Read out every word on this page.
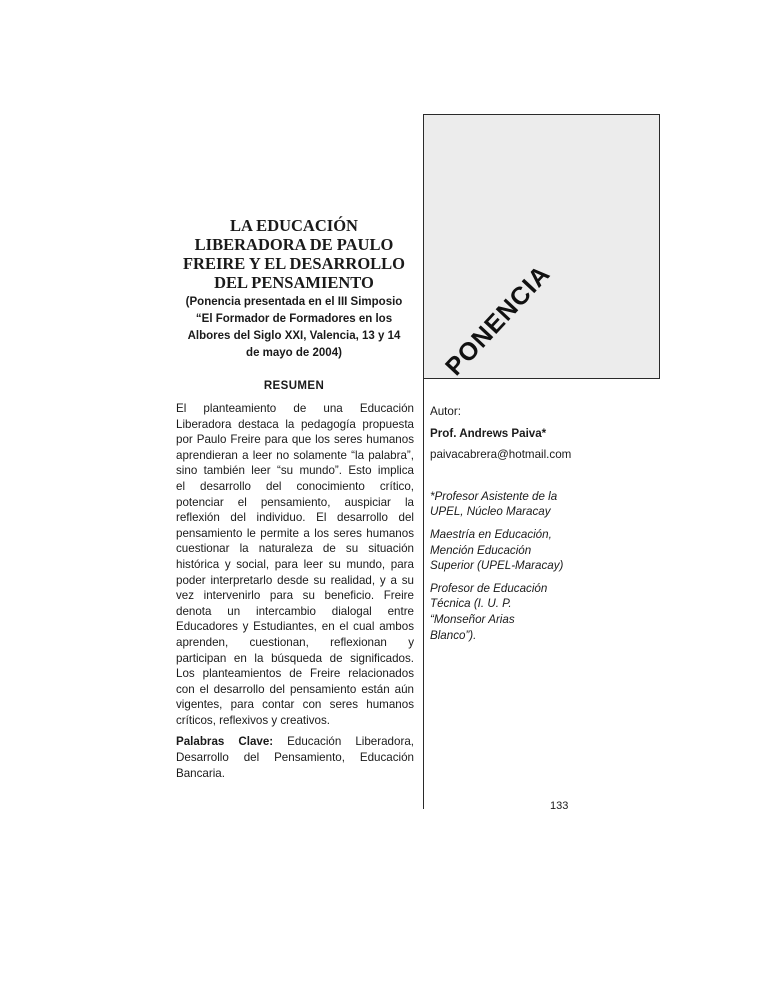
LA EDUCACIÓN
LIBERADORA DE PAULO
FREIRE Y EL DESARROLLO
DEL PENSAMIENTO

(Ponencia presentada en el III Simposio
“El Formador de Formadores en los
Albores del Siglo XXI, Valencia, 13 y 14
de mayo de 2004)	PONENCIA
RESUMEN
El planteamiento de una Educación
Liberadora destaca la pedagogía propuesta
por Paulo Freire para que los seres humanos
aprendieran a leer no solamente “la palabra”,
sino también leer “su mundo”. Esto implica
el desarrollo del conocimiento crítico,
potenciar el pensamiento, auspiciar la
reflexión del individuo. El desarrollo del
pensamiento le permite a los seres humanos
cuestionar la naturaleza de su situación
histórica y social, para leer su mundo, para
poder interpretarlo desde su realidad, y a su
vez intervenirlo para su beneficio. Freire
denota un intercambio dialogal entre
Educadores y Estudiantes, en el cual ambos
aprenden, cuestionan, reflexionan y
participan en la búsqueda de significados.
Los planteamientos de Freire relacionados
con el desarrollo del pensamiento están aún
vigentes, para contar con seres humanos
críticos, reflexivos y creativos.
Palabras Clave: Educación Liberadora,
Desarrollo del Pensamiento, Educación
Bancaria.

Autor:

Prof. Andrews Paiva*

paivacabrera@hotmail.com

*Profesor Asistente de la
UPEL, Núcleo Maracay

Maestría en Educación,
Mención Educación
Superior (UPEL-Maracay)

Profesor de Educación
Técnica (I. U. P.
“Monseñor Arias
Blanco”).

133
